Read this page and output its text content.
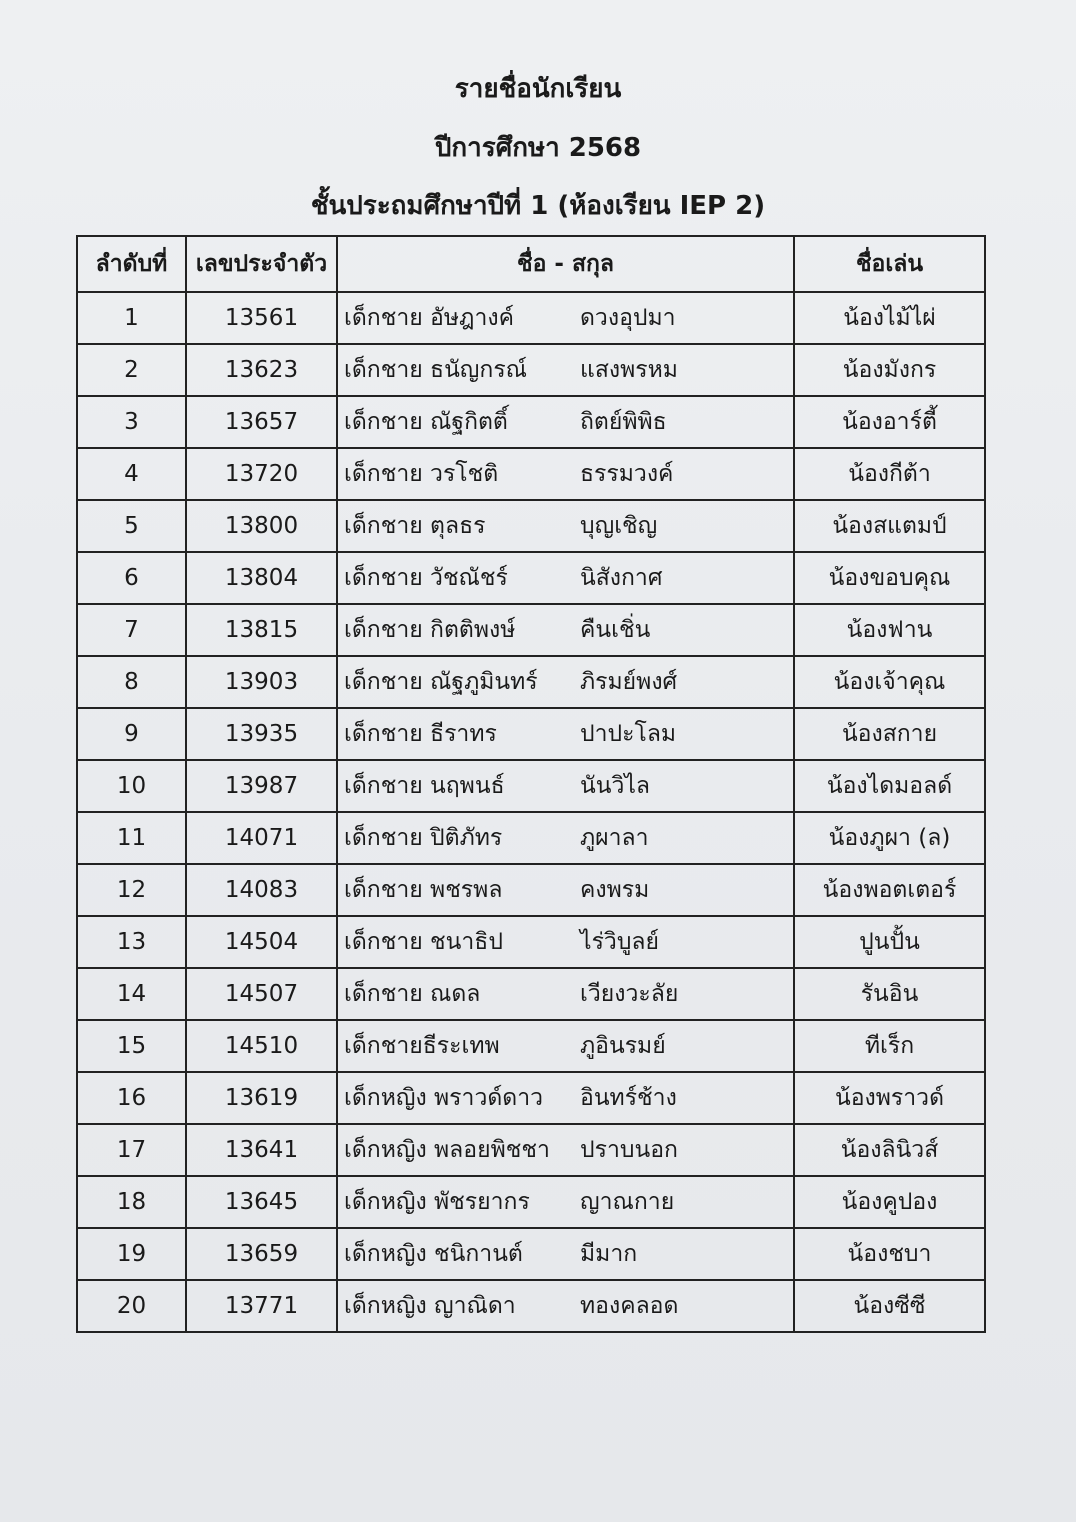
รายชื่อนักเรียน
ปีการศึกษา 2568
ชั้นประถมศึกษาปีที่ 1 (ห้องเรียน IEP 2)
ลำดับที่	เลขประจำตัว	ชื่อ - สกุล	ชื่อเล่น
1	13561	เด็กชาย อัษฎางค์ ดวงอุปมา	น้องไม้ไผ่
2	13623	เด็กชาย ธนัญกรณ์ แสงพรหม	น้องมังกร
3	13657	เด็กชาย ณัฐกิตติ์ ถิตย์พิพิธ	น้องอาร์ตี้
4	13720	เด็กชาย วรโชติ ธรรมวงค์	น้องกีต้า
5	13800	เด็กชาย ตุลธร บุญเชิญ	น้องสแตมป์
6	13804	เด็กชาย วัชณัชร์ นิสังกาศ	น้องขอบคุณ
7	13815	เด็กชาย กิตติพงษ์ คืนเชิ่น	น้องฟาน
8	13903	เด็กชาย ณัฐภูมินทร์ ภิรมย์พงศ์	น้องเจ้าคุณ
9	13935	เด็กชาย ธีราทร ปาปะโลม	น้องสกาย
10	13987	เด็กชาย นฤพนธ์ นันวิไล	น้องไดมอลด์
11	14071	เด็กชาย ปิติภัทร ภูผาลา	น้องภูผา (ล)
12	14083	เด็กชาย พชรพล คงพรม	น้องพอตเตอร์
13	14504	เด็กชาย ชนาธิป ไร่วิบูลย์	ปูนปั้น
14	14507	เด็กชาย ณดล เวียงวะลัย	รันอิน
15	14510	เด็กชายธีระเทพ ภูอินรมย์	ทีเร็ก
16	13619	เด็กหญิง พราวด์ดาว อินทร์ช้าง	น้องพราวด์
17	13641	เด็กหญิง พลอยพิชชา ปราบนอก	น้องลินิวส์
18	13645	เด็กหญิง พัชรยากร ญาณกาย	น้องคูปอง
19	13659	เด็กหญิง ชนิกานต์ มีมาก	น้องชบา
20	13771	เด็กหญิง ญาณิดา ทองคลอด	น้องซีซี
